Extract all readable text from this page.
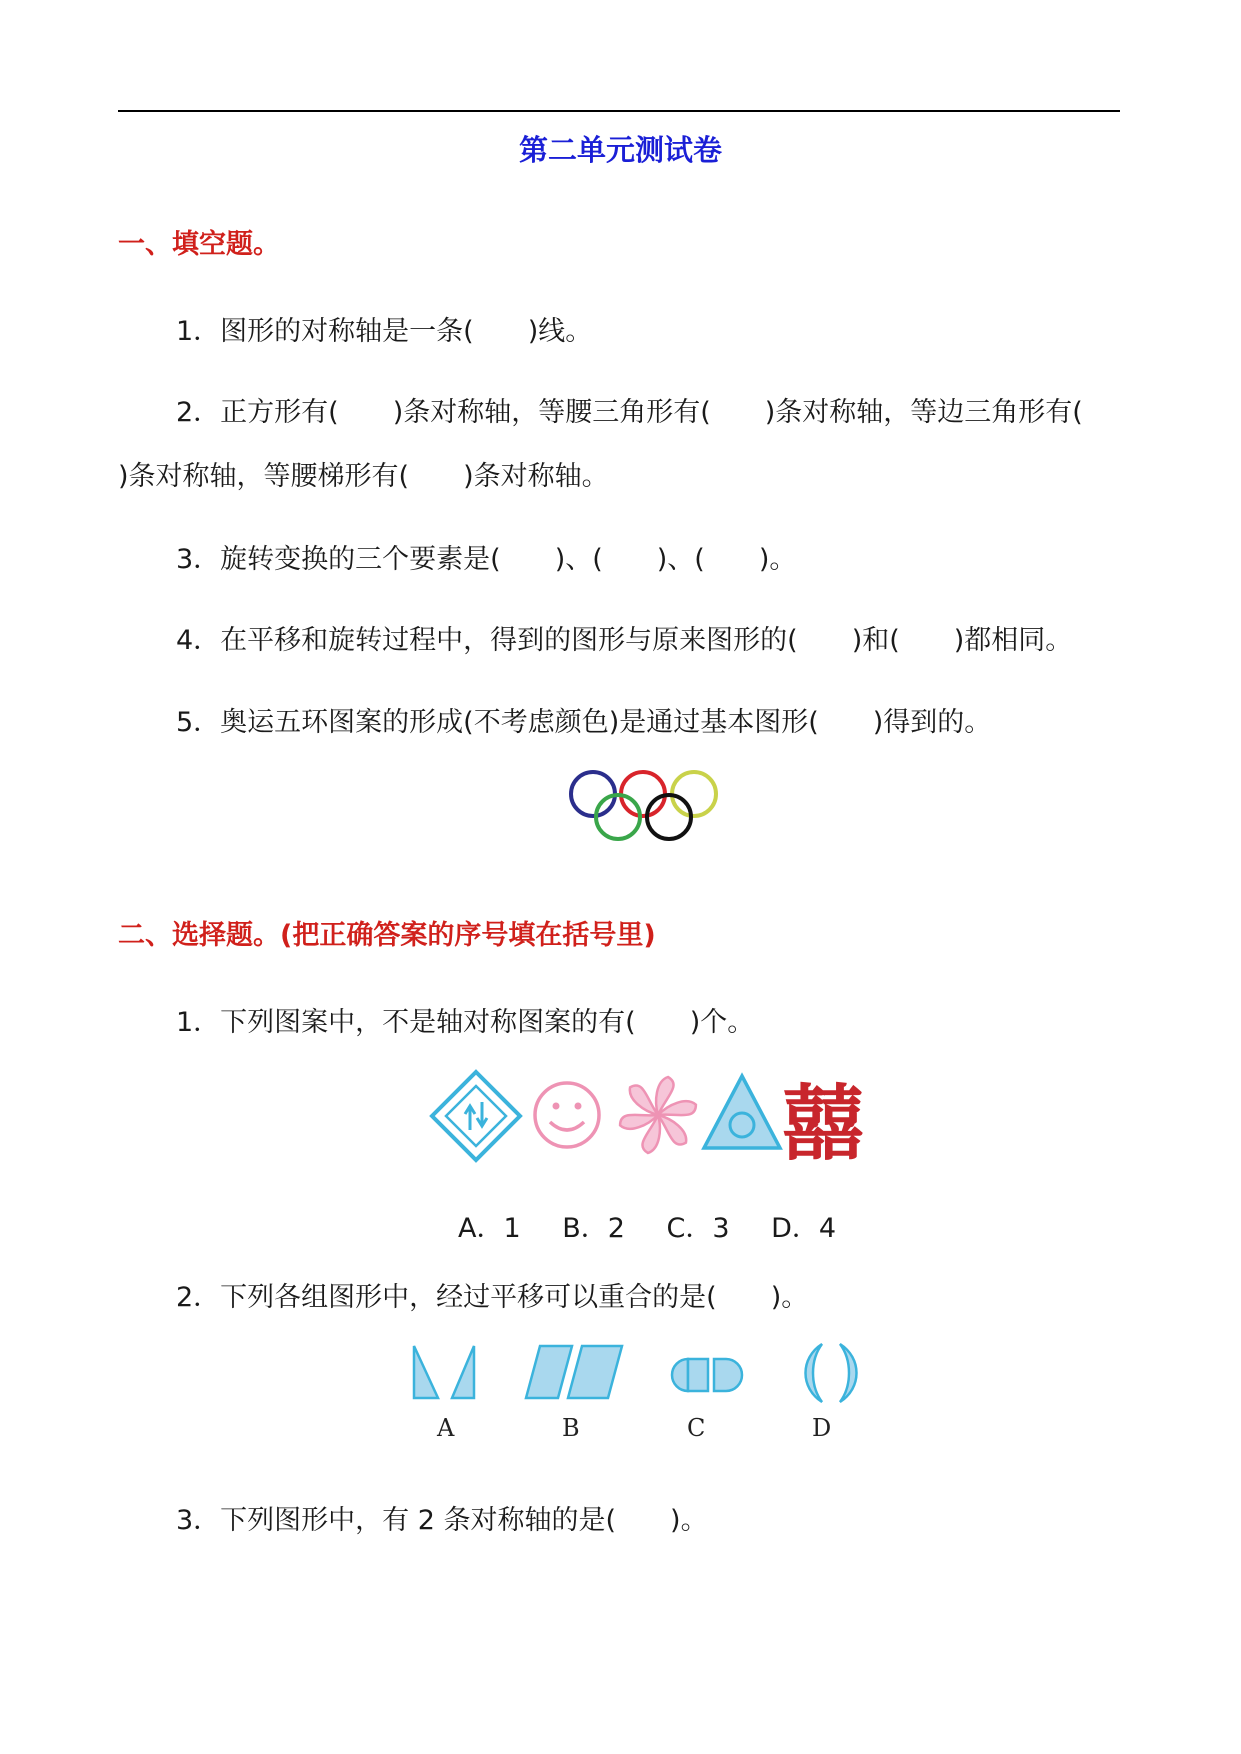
第二单元测试卷
一、填空题。
1．图形的对称轴是一条(　　)线。
2．正方形有(　　)条对称轴，等腰三角形有(　　)条对称轴，等边三角形有(
)条对称轴，等腰梯形有(　　)条对称轴。
3．旋转变换的三个要素是(　　)、(　　)、(　　)。
4．在平移和旋转过程中，得到的图形与原来图形的(　　)和(　　)都相同。
5．奥运五环图案的形成(不考虑颜色)是通过基本图形(　　)得到的。
二、选择题。(把正确答案的序号填在括号里)
1．下列图案中，不是轴对称图案的有(　　)个。
囍
A．1　 B．2　 C．3　 D．4
2．下列各组图形中，经过平移可以重合的是(　　)。
A	B	C	D
3．下列图形中，有 2 条对称轴的是(　　)。
